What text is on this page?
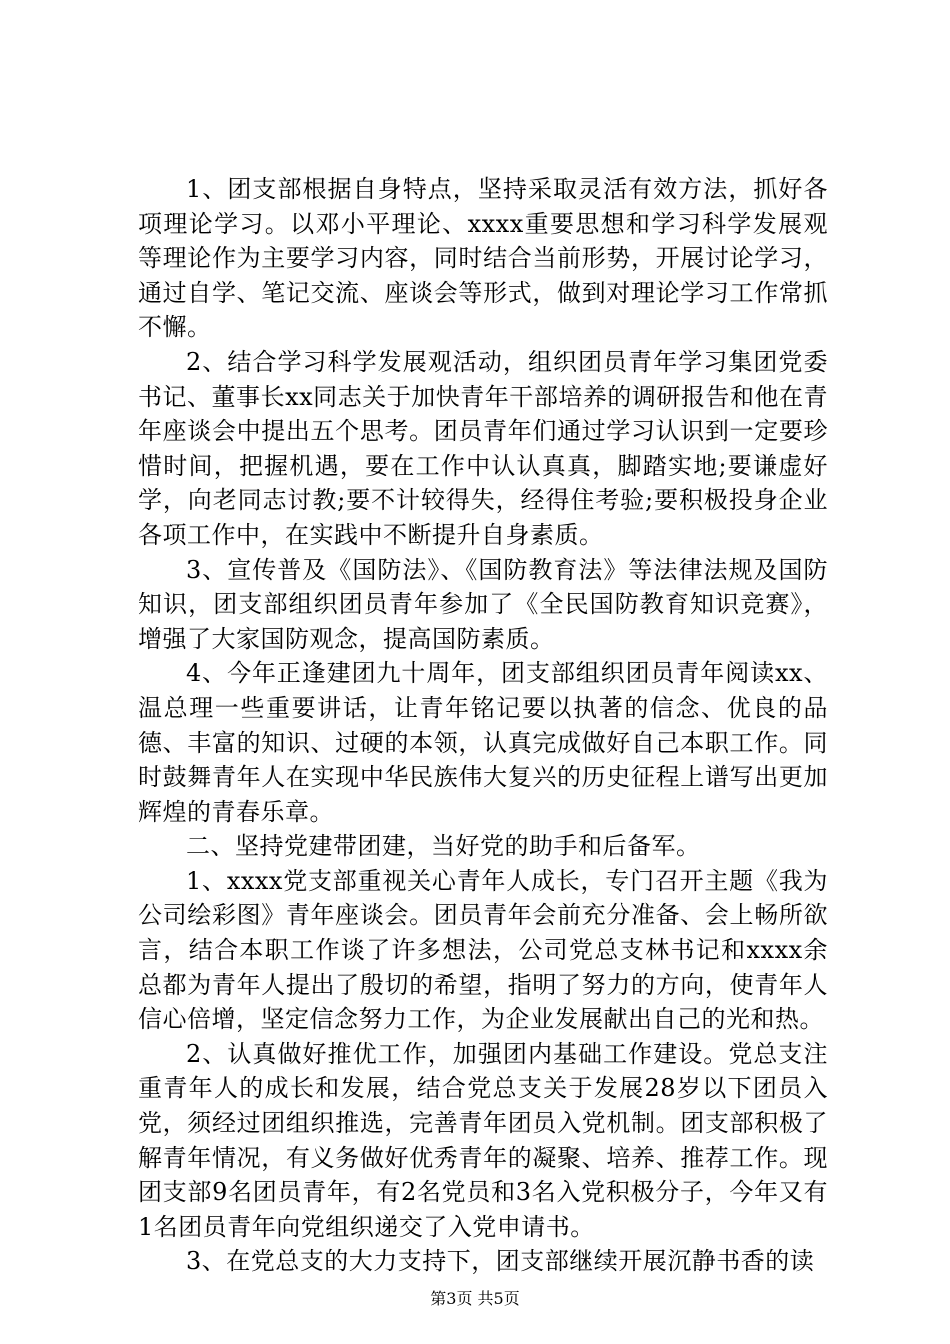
1、团支部根据自身特点，坚持采取灵活有效方法，抓好各项理论学习。以邓小平理论、xxxx重要思想和学习科学发展观等理论作为主要学习内容，同时结合当前形势，开展讨论学习，通过自学、笔记交流、座谈会等形式，做到对理论学习工作常抓不懈。

2、结合学习科学发展观活动，组织团员青年学习集团党委书记、董事长xx同志关于加快青年干部培养的调研报告和他在青年座谈会中提出五个思考。团员青年们通过学习认识到一定要珍惜时间，把握机遇，要在工作中认认真真，脚踏实地;要谦虚好学，向老同志讨教;要不计较得失，经得住考验;要积极投身企业各项工作中，在实践中不断提升自身素质。

3、宣传普及《国防法》、《国防教育法》等法律法规及国防知识，团支部组织团员青年参加了《全民国防教育知识竞赛》，增强了大家国防观念，提高国防素质。

4、今年正逢建团九十周年，团支部组织团员青年阅读xx、温总理一些重要讲话，让青年铭记要以执著的信念、优良的品德、丰富的知识、过硬的本领，认真完成做好自己本职工作。同时鼓舞青年人在实现中华民族伟大复兴的历史征程上谱写出更加辉煌的青春乐章。

二、坚持党建带团建，当好党的助手和后备军。

1、xxxx党支部重视关心青年人成长，专门召开主题《我为公司绘彩图》青年座谈会。团员青年会前充分准备、会上畅所欲言，结合本职工作谈了许多想法，公司党总支林书记和xxxx余总都为青年人提出了殷切的希望，指明了努力的方向，使青年人信心倍增，坚定信念努力工作，为企业发展献出自己的光和热。

2、认真做好推优工作，加强团内基础工作建设。党总支注重青年人的成长和发展，结合党总支关于发展28岁以下团员入党，须经过团组织推选，完善青年团员入党机制。团支部积极了解青年情况，有义务做好优秀青年的凝聚、培养、推荐工作。现团支部9名团员青年，有2名党员和3名入党积极分子，今年又有1名团员青年向党组织递交了入党申请书。

3、在党总支的大力支持下，团支部继续开展沉静书香的读

第3页 共5页
